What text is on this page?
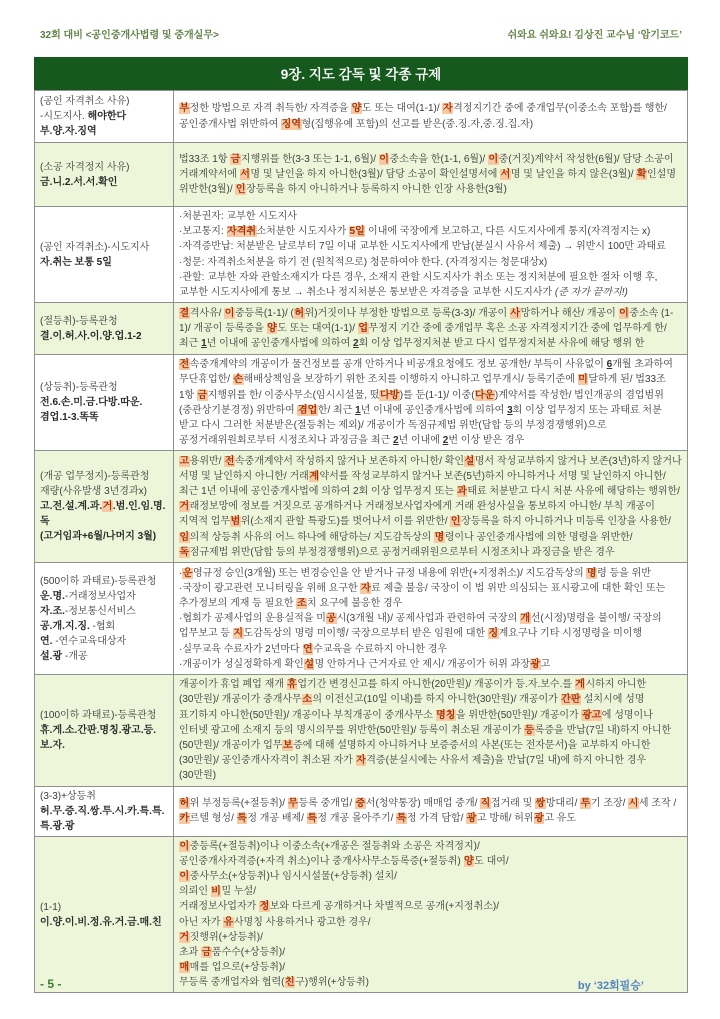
32회 대비 <공인중개사법령 및 중개실무>	쉬와요 쉬와요! 김상진 교수님 ‘암기코드’
9장. 지도 감독 및 각종 규제
(공인 자격취소 사유)
-시도지사. 해야한다
부.양.자.징역	부정한 방법으로 자격 취득한/ 자격증을 양도 또는 대여(1-1)/ 자격정지기간 중에 중개업무(이중소속 포함)를 행한/ 공인중개사법 위반하여 징역형(집행유예 포함)의 선고를 받은(중.징.자,중.징.집.자)
(소공 자격정지 사유)
금.니.2.서.서.확인	법33조 1항 금지행위를 한(3-3 또는 1-1, 6월)/ 이중소속을 한(1-1, 6월)/ 이중(거짓)계약서 작성한(6월)/ 담당 소공이 거래계약서에 서명 및 날인을 하지 아니한(3월)/ 담당 소공이 확인설명서에 서명 및 날인을 하지 않은(3월)/ 확인설명 위반한(3월)/ 인장등록을 하지 아니하거나 등록하지 아니한 인장 사용한(3월)
(공인 자격취소)-시도지사
자.취는 보통 5일	·처분권자: 교부한 시도지사
·보고통지: 자격취소처분한 시도지사가 5일 이내에 국장에게 보고하고, 다른 시도지사에게 통지(자격정지는 x)
·자격증반납: 처분받은 날로부터 7일 이내 교부한 시도지사에게 반납(분실시 사유서 제출) → 위반시 100만 과태료
·청문: 자격취소처분을 하기 전 (원칙적으로) 청문하여야 한다. (자격정지는 청문대상x)
·관할: 교부한 자와 관할소재지가 다른 경우, 소재지 관할 시도지사가 취소 또는 정지처분에 필요한 절차 이행 후, 교부한 시도지사에게 통보 → 취소나 정지처분은 통보받은 자격증을 교부한 시도지사가 (준 자가 끝까지!)
(절등취)-등록관청
결.이.허.사.이.양.업.1-2	결격사유/ 이중등록(1-1)/ (허위)거짓이나 부정한 방법으로 등록(3-3)/ 개공이 사망하거나 해산/ 개공이 이중소속 (1-1)/ 개공이 등록증을 양도 또는 대여(1-1)/ 업무정지 기간 중에 중개업무 혹은 소공 자격정지기간 중에 업무하게 한/ 최근 1년 이내에 공인중개사법에 의하여 2회 이상 업무정지처분 받고 다시 업무정지처분 사유에 해당 행위 한
(상등취)-등록관청
전.6.손.미.금.다방.따운.겸업.1-3.똑똑	전속중개계약의 개공이가 물건정보를 공개 안하거나 비공개요청에도 정보 공개한/ 부득이 사유없이 6개월 초과하여 무단휴업한/ 손해배상책임을 보장하기 위한 조치를 이행하지 아니하고 업무개시/ 등록기준에 미달하게 된/ 법33조 1항 금지행위를 한/ 이중사무소(임시시설물, 떴다방)를 둔(1-1)/ 이중(다운)계약서를 작성한/ 법인개공의 겸업범위(중관상기분경정) 위반하여 겸업한/ 최근 1년 이내에 공인중개사법에 의하여 3회 이상 업무정지 또는 과태료 처분 받고 다시 그러한 처분받은(절등취는 제외)/ 개공이가 독점규제법 위반(담합 등의 부정경쟁행위)으로 공정거래위원회로부터 시정조치나 과징금을 최근 2년 이내에 2번 이상 받은 경우
(개공 업무정지)-등록관청 재량(사유발생 3년경과x)
고.전.설.계.과.거.범.인.임.명.독
(고거임과+6월/나머지 3월)	고용위반/ 전속중개계약서 작성하지 않거나 보존하지 아니한/ 확인설명서 작성교부하지 않거나 보존(3년)하지 않거나 서명 및 날인하지 아니한/ 거래계약서를 작성교부하지 않거나 보존(5년)하지 아니하거나 서명 및 날인하지 아니한/ 최근 1년 이내에 공인중개사법에 의하여 2회 이상 업무정지 또는 과태료 처분받고 다시 처분 사유에 해당하는 행위한/ 거래정보망에 정보를 거짓으로 공개하거나 거래정보사업자에게 거래 완성사실을 통보하지 아니한/ 부칙 개공이 지역적 업무범위(소재지 관할 특광도)를 벗어나서 이를 위반한/ 인장등록을 하지 아니하거나 미등록 인장을 사용한/ 임의적 상등취 사유의 어느 하나에 해당하는/ 지도감독상의 명령이나 공인중개사법에 의한 명령을 위반한/ 독점규제법 위반(담합 등의 부정경쟁행위)으로 공정거래위원으로부터 시정조치나 과징금을 받은 경우
(500이하 과태료)-등록관청
운.명.-거래정보사업자
자.조.-정보통신서비스
공.개.지.징. -협회
연. -연수교육대상자
설.광 -개공	·운영규정 승인(3개월) 또는 변경승인을 안 받거나 규정 내용에 위반(+지정취소)/ 지도감독상의 명령 등을 위반
·국장이 광고관련 모니터링을 위해 요구한 자료 제출 불응/ 국장이 이 법 위반 의심되는 표시광고에 대한 확인 또는 추가정보의 게재 등 필요한 조치 요구에 불응한 경우
·협회가 공제사업의 운용실적을 미공시(3개월 내)/ 공제사업과 관련하여 국장의 개선(시정)명령을 불이행/ 국장의 업무보고 등 지도감독상의 명령 미이행/ 국장으로부터 받은 임원에 대한 징계요구나 기타 시정명령을 미이행
·실무교육 수료자가 2년마다 연수교육을 수료하지 아니한 경우
·개공이가 성실정확하게 확인설명 안하거나 근거자료 안 제시/ 개공이가 허위 과장광고
(100이하 과태료)-등록관청
휴.게.소.간판.명칭.광고.등.보.자.	개공이가 휴업 폐업 재개 휴업기간 변경신고를 하지 아니한(20만원)/ 개공이가 등.자.보수.를 게시하지 아니한(30만원)/ 개공이가 중개사무소의 이전신고(10일 이내)를 하지 아니한(30만원)/ 개공이가 간판 설치시에 성명 표기하지 아니한(50만원)/ 개공이나 부칙개공이 중개사무소 명칭을 위반한(50만원)/ 개공이가 광고에 성명이나 인터넷 광고에 소재지 등의 명시의무를 위반한(50만원)/ 등록이 취소된 개공이가 등록증을 반납(7일 내)하지 아니한(50만원)/ 개공이가 업무보증에 대해 설명하지 아니하거나 보증증서의 사본(또는 전자문서)을 교부하지 아니한(30만원)/ 공인중개사자격이 취소된 자가 자격증(분실시에는 사유서 제출)을 반납(7일 내)에 하지 아니한 경우(30만원)
(3-3)+상등취
허.무.증.직.쌍.투.시.카.특.특.특.광.광	허위 부정등록(+절등취)/ 무등록 중개업/ 증서(청약통장) 매매업 중개/ 직접거래 및 쌍방대리/ 투기 조장/ 시세 조작 / 카르텔 형성/ 특정 개공 배제/ 특정 개공 몰아주기/ 특정 가격 담합/ 광고 방해/ 허위광고 유도
(1-1)
이.양.이.비.정.유.거.금.매.친	이중등록(+절등취)이나 이중소속(+개공은 절등취와 소공은 자격정지)/
공인중개사자격증(+자격 취소)이나 중개사사무소등록증(+절등취) 양도 대여/
이중사무소(+상등취)나 임시시설물(+상등취) 설치/
의뢰인 비밀 누설/
거래정보사업자가 정보와 다르게 공개하거나 차별적으로 공개(+지정취소)/
아닌 자가 유사명칭 사용하거나 광고한 경우/
거짓행위(+상등취)/
초과 금품수수(+상등취)/
매매를 업으로(+상등취)/
무등록 중개업자와 협력(친구)행위(+상등취)
- 5 -	by ‘32회필승’
